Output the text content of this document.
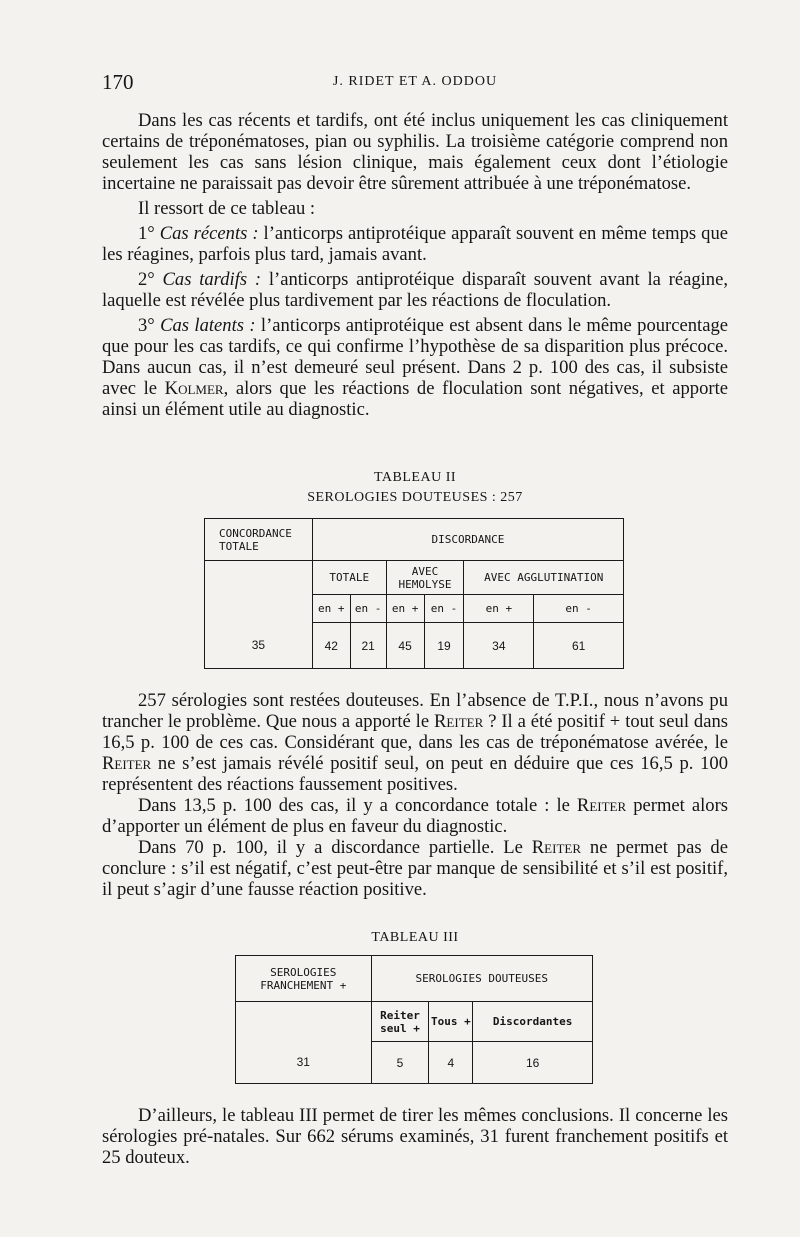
170	J. RIDET ET A. ODDOU

Dans les cas récents et tardifs, ont été inclus uniquement les cas cliniquement certains de tréponématoses, pian ou syphilis. La troisième catégorie comprend non seulement les cas sans lésion clinique, mais également ceux dont l’étiologie incertaine ne paraissait pas devoir être sûrement attribuée à une tréponématose.

Il ressort de ce tableau :

1° Cas récents : l’anticorps antiprotéique apparaît souvent en même temps que les réagines, parfois plus tard, jamais avant.

2° Cas tardifs : l’anticorps antiprotéique disparaît souvent avant la réagine, laquelle est révélée plus tardivement par les réactions de floculation.

3° Cas latents : l’anticorps antiprotéique est absent dans le même pourcentage que pour les cas tardifs, ce qui confirme l’hypothèse de sa disparition plus précoce. Dans aucun cas, il n’est demeuré seul présent. Dans 2 p. 100 des cas, il subsiste avec le Kolmer, alors que les réactions de floculation sont négatives, et apporte ainsi un élément utile au diagnostic.

TABLEAU II
SEROLOGIES DOUTEUSES : 257
CONCORDANCE TOTALE	DISCORDANCE					
35	TOTALE		AVEC HEMOLYSE		AVEC AGGLUTINATION	
	en +	en -	en +	en -	en +	en -
	42	21	45	19	34	61

257 sérologies sont restées douteuses. En l’absence de T.P.I., nous n’avons pu trancher le problème. Que nous a apporté le Reiter ? Il a été positif + tout seul dans 16,5 p. 100 de ces cas. Considérant que, dans les cas de tréponématose avérée, le Reiter ne s’est jamais révélé positif seul, on peut en déduire que ces 16,5 p. 100 représentent des réactions faussement positives.

Dans 13,5 p. 100 des cas, il y a concordance totale : le Reiter permet alors d’apporter un élément de plus en faveur du diagnostic.

Dans 70 p. 100, il y a discordance partielle. Le Reiter ne permet pas de conclure : s’il est négatif, c’est peut-être par manque de sensibilité et s’il est positif, il peut s’agir d’une fausse réaction positive.

TABLEAU III
SEROLOGIES
FRANCHEMENT +	SEROLOGIES DOUTEUSES		
31	Reiter seul +	Tous +	Discordantes
	5	4	16

D’ailleurs, le tableau III permet de tirer les mêmes conclusions. Il concerne les sérologies pré-natales. Sur 662 sérums examinés, 31 furent franchement positifs et 25 douteux.
